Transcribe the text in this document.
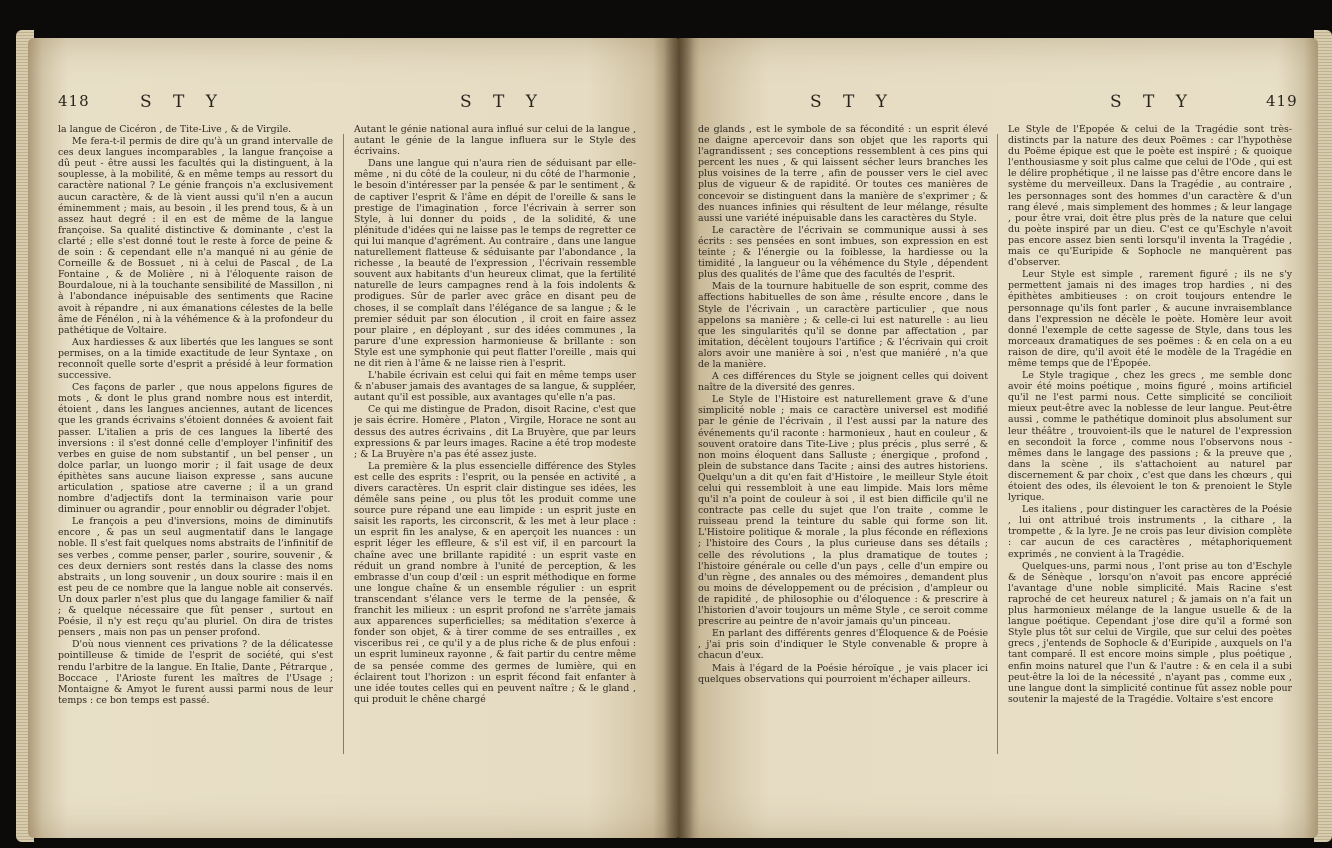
418	S T Y	S T Y

la langue de Cicéron , de Tite-Live , & de Virgile.

Me fera-t-il permis de dire qu'à un grand intervalle de ces deux langues incomparables , la langue françoise a dû peut - être aussi les facultés qui la distinguent, à la souplesse, à la mobilité, & en même temps au ressort du caractère national ? Le génie françois n'a exclusivement aucun caractère, & de là vient aussi qu'il n'en a aucun éminemment ; mais, au besoin , il les prend tous, & à un assez haut degré : il en est de même de la langue françoise. Sa qualité distinctive & dominante , c'est la clarté ; elle s'est donné tout le reste à force de peine & de soin : & cependant elle n'a manqué ni au génie de Corneille & de Bossuet , ni à celui de Pascal , de La Fontaine , & de Molière , ni à l'éloquente raison de Bourdaloue, ni à la touchante sensibilité de Massillon , ni à l'abondance inépuisable des sentiments que Racine avoit à répandre , ni aux émanations célestes de la belle âme de Fénélon , ni à la véhémence & à la profondeur du pathétique de Voltaire.

Aux hardiesses & aux libertés que les langues se sont permises, on a la timide exactitude de leur Syntaxe , on reconnoît quelle sorte d'esprit a présidé à leur formation successive.

Ces façons de parler , que nous appelons figures de mots , & dont le plus grand nombre nous est interdit, étoient , dans les langues anciennes, autant de licences que les grands écrivains s'étoient données & avoient fait passer. L'italien a pris de ces langues la liberté des inversions : il s'est donné celle d'employer l'infinitif des verbes en guise de nom substantif , un bel penser , un dolce parlar, un luongo morir ; il fait usage de deux épithètes sans aucune liaison expresse , sans aucune articulation , spatiose atre caverne ; il a un grand nombre d'adjectifs dont la terminaison varie pour diminuer ou agrandir , pour ennoblir ou dégrader l'objet.

Le françois a peu d'inversions, moins de diminutifs encore , & pas un seul augmentatif dans le langage noble. Il s'est fait quelques noms abstraits de l'infinitif de ses verbes , comme penser, parler , sourire, souvenir , & ces deux derniers sont restés dans la classe des noms abstraits , un long souvenir , un doux sourire : mais il en est peu de ce nombre que la langue noble ait conservés. Un doux parler n'est plus que du langage familier & naïf ; & quelque nécessaire que fût penser , surtout en Poésie, il n'y est reçu qu'au pluriel. On dira de tristes pensers , mais non pas un penser profond.

D'où nous viennent ces privations ? de la délicatesse pointilleuse & timide de l'esprit de société, qui s'est rendu l'arbitre de la langue. En Italie, Dante , Pétrarque , Boccace , l'Arioste furent les maîtres de l'Usage ; Montaigne & Amyot le furent aussi parmi nous de leur temps : ce bon temps est passé.

Autant le génie national aura influé sur celui de la langue , autant le génie de la langue influera sur le Style des écrivains.

Dans une langue qui n'aura rien de séduisant par elle-même , ni du côté de la couleur, ni du côté de l'harmonie , le besoin d'intéresser par la pensée & par le sentiment , & de captiver l'esprit & l'âme en dépit de l'oreille & sans le prestige de l'imagination , force l'écrivain à serrer son Style, à lui donner du poids , de la solidité, & une plénitude d'idées qui ne laisse pas le temps de regretter ce qui lui manque d'agrément. Au contraire , dans une langue naturellement flatteuse & séduisante par l'abondance , la richesse , la beauté de l'expression , l'écrivain ressemble souvent aux habitants d'un heureux climat, que la fertilité naturelle de leurs campagnes rend à la fois indolents & prodigues. Sûr de parler avec grâce en disant peu de choses, il se complaît dans l'élégance de sa langue ; & le premier séduit par son élocution , il croit en faire assez pour plaire , en déployant , sur des idées communes , la parure d'une expression harmonieuse & brillante : son Style est une symphonie qui peut flatter l'oreille , mais qui ne dit rien à l'âme & ne laisse rien à l'esprit.

L'habile écrivain est celui qui fait en même temps user & n'abuser jamais des avantages de sa langue, & suppléer, autant qu'il est possible, aux avantages qu'elle n'a pas.

Ce qui me distingue de Pradon, disoit Racine, c'est que je sais écrire. Homère , Platon , Virgile, Horace ne sont au dessus des autres écrivains , dit La Bruyère, que par leurs expressions & par leurs images. Racine a été trop modeste ; & La Bruyère n'a pas été assez juste.

La première & la plus essencielle différence des Styles est celle des esprits : l'esprit, ou la pensée en activité , a divers caractères. Un esprit clair distingue ses idées, les démêle sans peine , ou plus tôt les produit comme une source pure répand une eau limpide : un esprit juste en saisit les raports, les circonscrit, & les met à leur place : un esprit fin les analyse, & en aperçoit les nuances : un esprit léger les effleure, & s'il est vif, il en parcourt la chaîne avec une brillante rapidité : un esprit vaste en réduit un grand nombre à l'unité de perception, & les embrasse d'un coup d'œil : un esprit méthodique en forme une longue chaîne & un ensemble régulier : un esprit transcendant s'élance vers le terme de la pensée, & franchit les milieux : un esprit profond ne s'arrête jamais aux apparences superficielles; sa méditation s'exerce à fonder son objet, & à tirer comme de ses entrailles , ex visceribus rei , ce qu'il y a de plus riche & de plus enfoui : un esprit lumineux rayonne , & fait partir du centre même de sa pensée comme des germes de lumière, qui en éclairent tout l'horizon : un esprit fécond fait enfanter à une idée toutes celles qui en peuvent naître ; & le gland , qui produit le chêne chargé

S T Y	S T Y	419

de glands , est le symbole de sa fécondité : un esprit élevé ne daigne apercevoir dans son objet que les raports qui l'agrandissent ; ses conceptions ressemblent à ces pins qui percent les nues , & qui laissent sécher leurs branches les plus voisines de la terre , afin de pousser vers le ciel avec plus de vigueur & de rapidité. Or toutes ces manières de concevoir se distinguent dans la manière de s'exprimer ; & des nuances infinies qui résultent de leur mélange, résulte aussi une variété inépuisable dans les caractères du Style.

Le caractère de l'écrivain se communique aussi à ses écrits : ses pensées en sont imbues, son expression en est teinte ; & l'énergie ou la foiblesse, la hardiesse ou la timidité , la langueur ou la véhémence du Style , dépendent plus des qualités de l'âme que des facultés de l'esprit.

Mais de la tournure habituelle de son esprit, comme des affections habituelles de son âme , résulte encore , dans le Style de l'écrivain , un caractère particulier , que nous appelons sa manière ; & celle-ci lui est naturelle : au lieu que les singularités qu'il se donne par affectation , par imitation, décèlent toujours l'artifice ; & l'écrivain qui croit alors avoir une manière à soi , n'est que maniéré , n'a que de la manière.

A ces différences du Style se joignent celles qui doivent naître de la diversité des genres.

Le Style de l'Histoire est naturellement grave & d'une simplicité noble ; mais ce caractère universel est modifié par le génie de l'écrivain , il l'est aussi par la nature des événements qu'il raconte : harmonieux , haut en couleur , & souvent oratoire dans Tite-Live ; plus précis , plus serré , & non moins éloquent dans Salluste ; énergique , profond , plein de substance dans Tacite ; ainsi des autres historiens. Quelqu'un a dit qu'en fait d'Histoire , le meilleur Style étoit celui qui ressembloit à une eau limpide. Mais lors même qu'il n'a point de couleur à soi , il est bien difficile qu'il ne contracte pas celle du sujet que l'on traite , comme le ruisseau prend la teinture du sable qui forme son lit. L'Histoire politique & morale , la plus féconde en réflexions ; l'histoire des Cours , la plus curieuse dans ses détails ; celle des révolutions , la plus dramatique de toutes ; l'histoire générale ou celle d'un pays , celle d'un empire ou d'un règne , des annales ou des mémoires , demandent plus ou moins de développement ou de précision , d'ampleur ou de rapidité , de philosophie ou d'éloquence : & prescrire à l'historien d'avoir toujours un même Style , ce seroit comme prescrire au peintre de n'avoir jamais qu'un pinceau.

En parlant des différents genres d'Éloquence & de Poésie , j'ai pris soin d'indiquer le Style convenable & propre à chacun d'eux.

Mais à l'égard de la Poésie héroïque , je vais placer ici quelques observations qui pourroient m'échaper ailleurs.

Le Style de l'Épopée & celui de la Tragédie sont très-distincts par la nature des deux Poëmes : car l'hypothèse du Poëme épique est que le poète est inspiré ; & quoique l'enthousiasme y soit plus calme que celui de l'Ode , qui est le délire prophétique , il ne laisse pas d'être encore dans le système du merveilleux. Dans la Tragédie , au contraire , les personnages sont des hommes d'un caractère & d'un rang élevé , mais simplement des hommes ; & leur langage , pour être vrai, doit être plus près de la nature que celui du poète inspiré par un dieu. C'est ce qu'Eschyle n'avoit pas encore assez bien senti lorsqu'il inventa la Tragédie , mais ce qu'Euripide & Sophocle ne manquèrent pas d'observer.

Leur Style est simple , rarement figuré ; ils ne s'y permettent jamais ni des images trop hardies , ni des épithètes ambitieuses : on croit toujours entendre le personnage qu'ils font parler , & aucune invraisemblance dans l'expression ne décèle le poète. Homère leur avoit donné l'exemple de cette sagesse de Style, dans tous les morceaux dramatiques de ses poëmes : & en cela on a eu raison de dire, qu'il avoit été le modèle de la Tragédie en même temps que de l'Épopée.

Le Style tragique , chez les grecs , me semble donc avoir été moins poétique , moins figuré , moins artificiel qu'il ne l'est parmi nous. Cette simplicité se concilioit mieux peut-être avec la noblesse de leur langue. Peut-être aussi , comme le pathétique dominoit plus absolument sur leur théâtre , trouvoient-ils que le naturel de l'expression en secondoit la force , comme nous l'observons nous - mêmes dans le langage des passions ; & la preuve que , dans la scène , ils s'attachoient au naturel par discernement & par choix , c'est que dans les chœurs , qui étoient des odes, ils élevoient le ton & prenoient le Style lyrique.

Les italiens , pour distinguer les caractères de la Poésie , lui ont attribué trois instruments , la cithare , la trompette , & la lyre. Je ne crois pas leur division complète : car aucun de ces caractères , métaphoriquement exprimés , ne convient à la Tragédie.

Quelques-uns, parmi nous , l'ont prise au ton d'Eschyle & de Sénèque , lorsqu'on n'avoit pas encore apprécié l'avantage d'une noble simplicité. Mais Racine s'est raproché de cet heureux naturel ; & jamais on n'a fait un plus harmonieux mélange de la langue usuelle & de la langue poétique. Cependant j'ose dire qu'il a formé son Style plus tôt sur celui de Virgile, que sur celui des poètes grecs , j'entends de Sophocle & d'Euripide , auxquels on l'a tant comparé. Il est encore moins simple , plus poétique , enfin moins naturel que l'un & l'autre : & en cela il a subi peut-être la loi de la nécessité , n'ayant pas , comme eux , une langue dont la simplicité continue fût assez noble pour soutenir la majesté de la Tragédie. Voltaire s'est encore
